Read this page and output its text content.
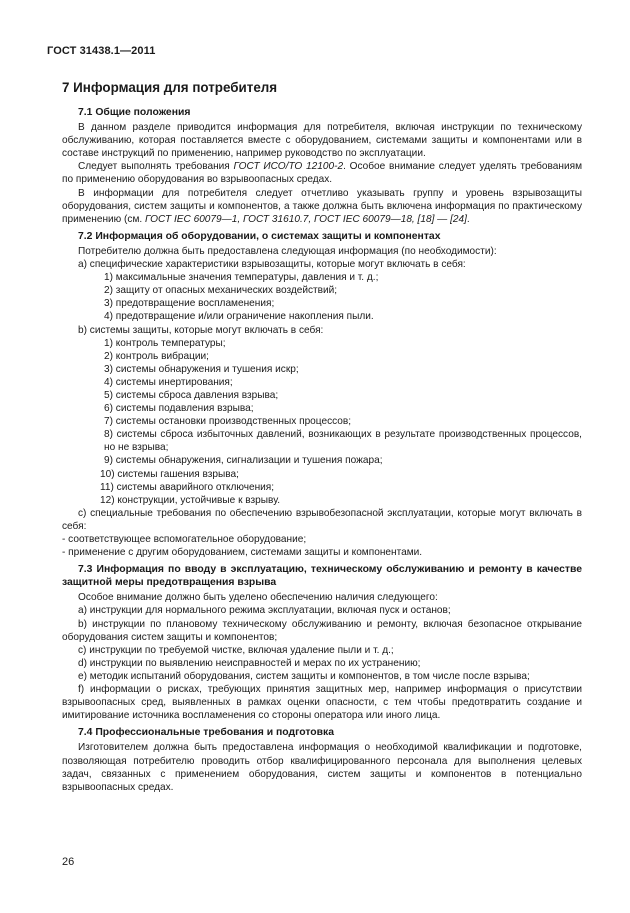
ГОСТ 31438.1—2011
7 Информация для потребителя
7.1 Общие положения

В данном разделе приводится информация для потребителя, включая инструкции по техническому обслуживанию, которая поставляется вместе с оборудованием, системами защиты и компонентами или в составе инструкций по применению, например руководство по эксплуатации.

Следует выполнять требования ГОСТ ИСО/ТО 12100-2. Особое внимание следует уделять требованиям по применению оборудования во взрывоопасных средах.

В информации для потребителя следует отчетливо указывать группу и уровень взрывозащиты оборудования, систем защиты и компонентов, а также должна быть включена информация по практическому применению (см. ГОСТ IEC 60079—1, ГОСТ 31610.7, ГОСТ IEC 60079—18, [18] — [24].

7.2 Информация об оборудовании, о системах защиты и компонентах

Потребителю должна быть предоставлена следующая информация (по необходимости):

a) специфические характеристики взрывозащиты, которые могут включать в себя:

1) максимальные значения температуры, давления и т. д.;

2) защиту от опасных механических воздействий;

3) предотвращение воспламенения;

4) предотвращение и/или ограничение накопления пыли.

b) системы защиты, которые могут включать в себя:

1) контроль температуры;

2) контроль вибрации;

3) системы обнаружения и тушения искр;

4) системы инертирования;

5) системы сброса давления взрыва;

6) системы подавления взрыва;

7) системы остановки производственных процессов;

8) системы сброса избыточных давлений, возникающих в результате производственных процессов, но не взрыва;

9) системы обнаружения, сигнализации и тушения пожара;

10) системы гашения взрыва;

11) системы аварийного отключения;

12) конструкции, устойчивые к взрыву.

c) специальные требования по обеспечению взрывобезопасной эксплуатации, которые могут включать в себя:

- соответствующее вспомогательное оборудование;

- применение с другим оборудованием, системами защиты и компонентами.

7.3 Информация по вводу в эксплуатацию, техническому обслуживанию и ремонту в качестве защитной меры предотвращения взрыва

Особое внимание должно быть уделено обеспечению наличия следующего:

a) инструкции для нормального режима эксплуатации, включая пуск и останов;

b) инструкции по плановому техническому обслуживанию и ремонту, включая безопасное открывание оборудования систем защиты и компонентов;

c) инструкции по требуемой чистке, включая удаление пыли и т. д.;

d) инструкции по выявлению неисправностей и мерах по их устранению;

e) методик испытаний оборудования, систем защиты и компонентов, в том числе после взрыва;

f) информации о рисках, требующих принятия защитных мер, например информация о присутствии взрывоопасных сред, выявленных в рамках оценки опасности, с тем чтобы предотвратить создание и имитирование источника воспламенения со стороны оператора или иного лица.

7.4 Профессиональные требования и подготовка

Изготовителем должна быть предоставлена информация о необходимой квалификации и подготовке, позволяющая потребителю проводить отбор квалифицированного персонала для выполнения целевых задач, связанных с применением оборудования, систем защиты и компонентов в потенциально взрывоопасных средах.

26
